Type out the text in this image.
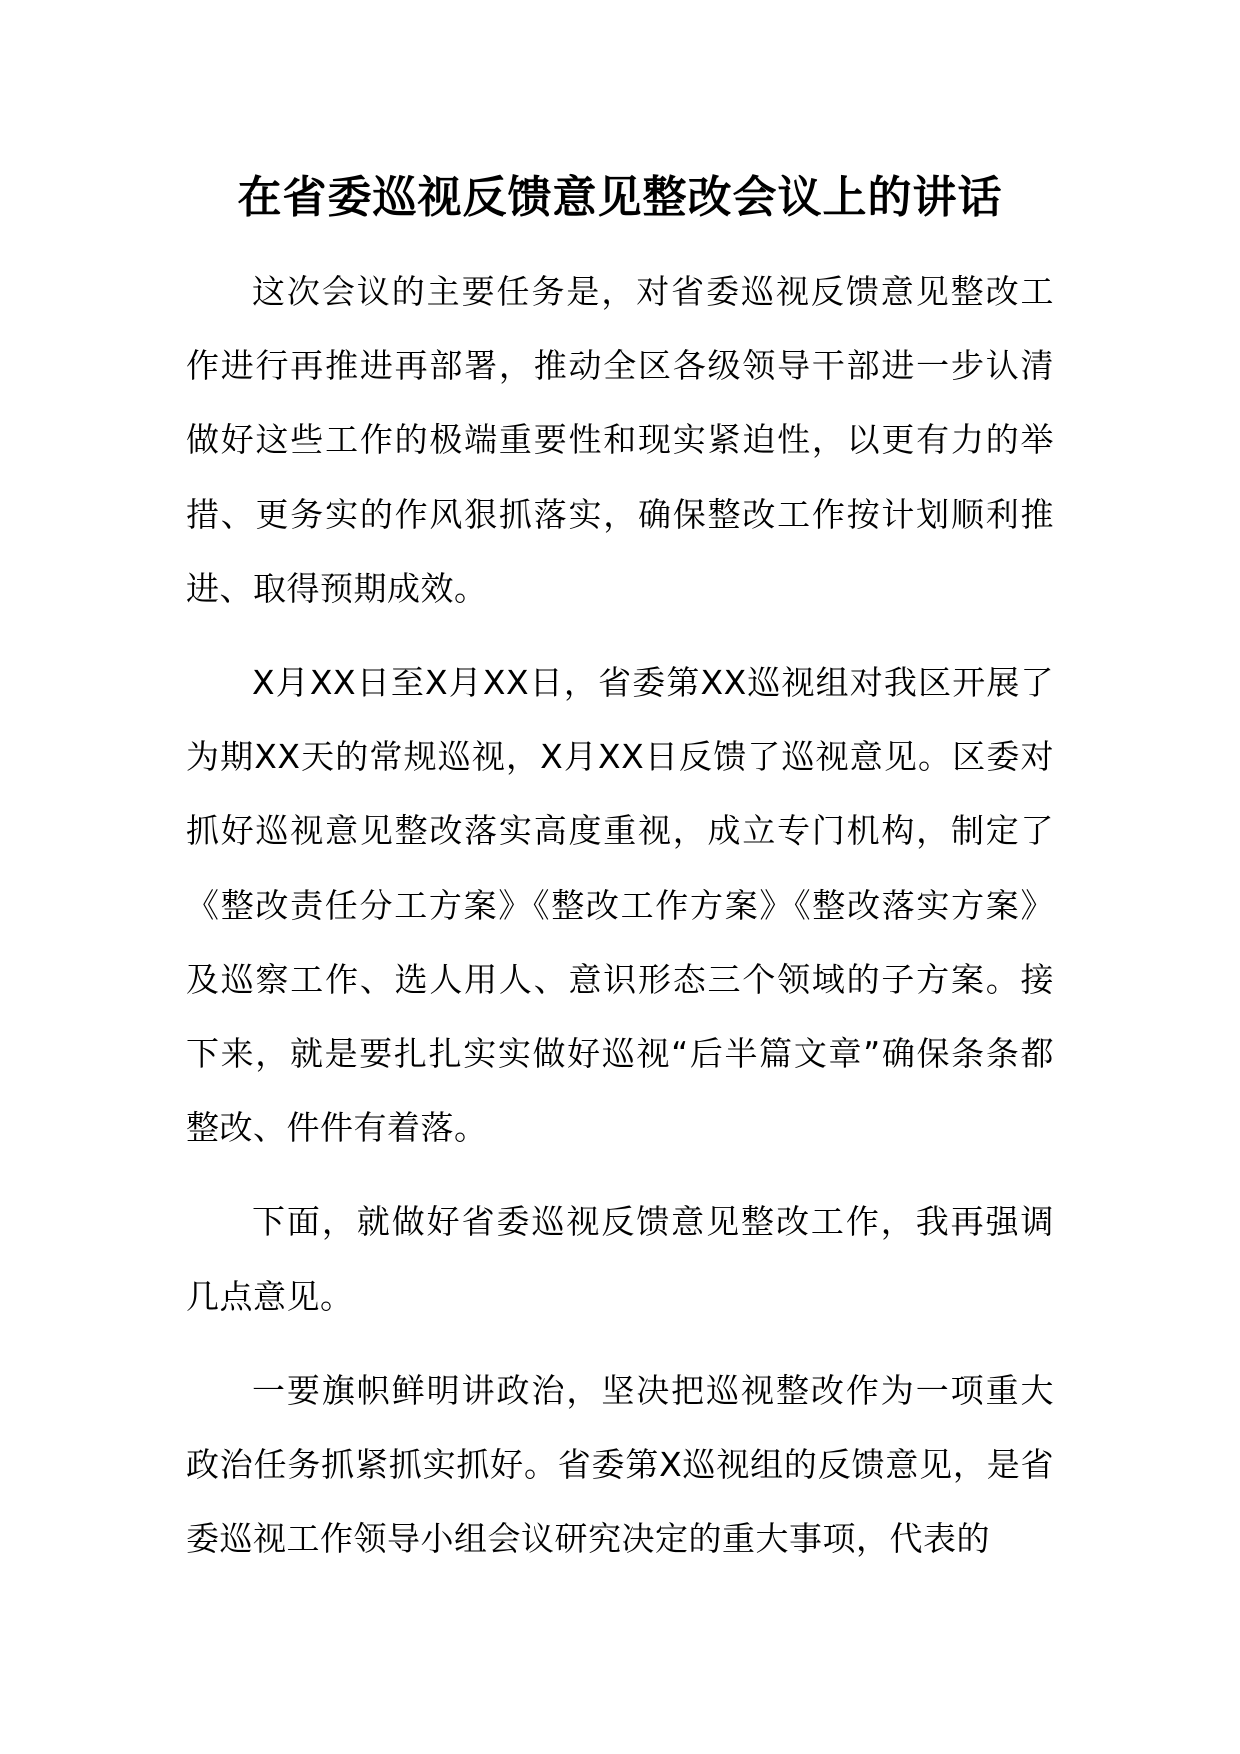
在省委巡视反馈意见整改会议上的讲话

这次会议的主要任务是，对省委巡视反馈意见整改工作进行再推进再部署，推动全区各级领导干部进一步认清做好这些工作的极端重要性和现实紧迫性，以更有力的举措、更务实的作风狠抓落实，确保整改工作按计划顺利推进、取得预期成效。

X月XX日至X月XX日，省委第XX巡视组对我区开展了为期XX天的常规巡视，X月XX日反馈了巡视意见。区委对抓好巡视意见整改落实高度重视，成立专门机构，制定了《整改责任分工方案》《整改工作方案》《整改落实方案》及巡察工作、选人用人、意识形态三个领域的子方案。接下来，就是要扎扎实实做好巡视“后半篇文章”确保条条都整改、件件有着落。

下面，就做好省委巡视反馈意见整改工作，我再强调几点意见。

一要旗帜鲜明讲政治，坚决把巡视整改作为一项重大政治任务抓紧抓实抓好。省委第X巡视组的反馈意见，是省委巡视工作领导小组会议研究决定的重大事项，代表的
